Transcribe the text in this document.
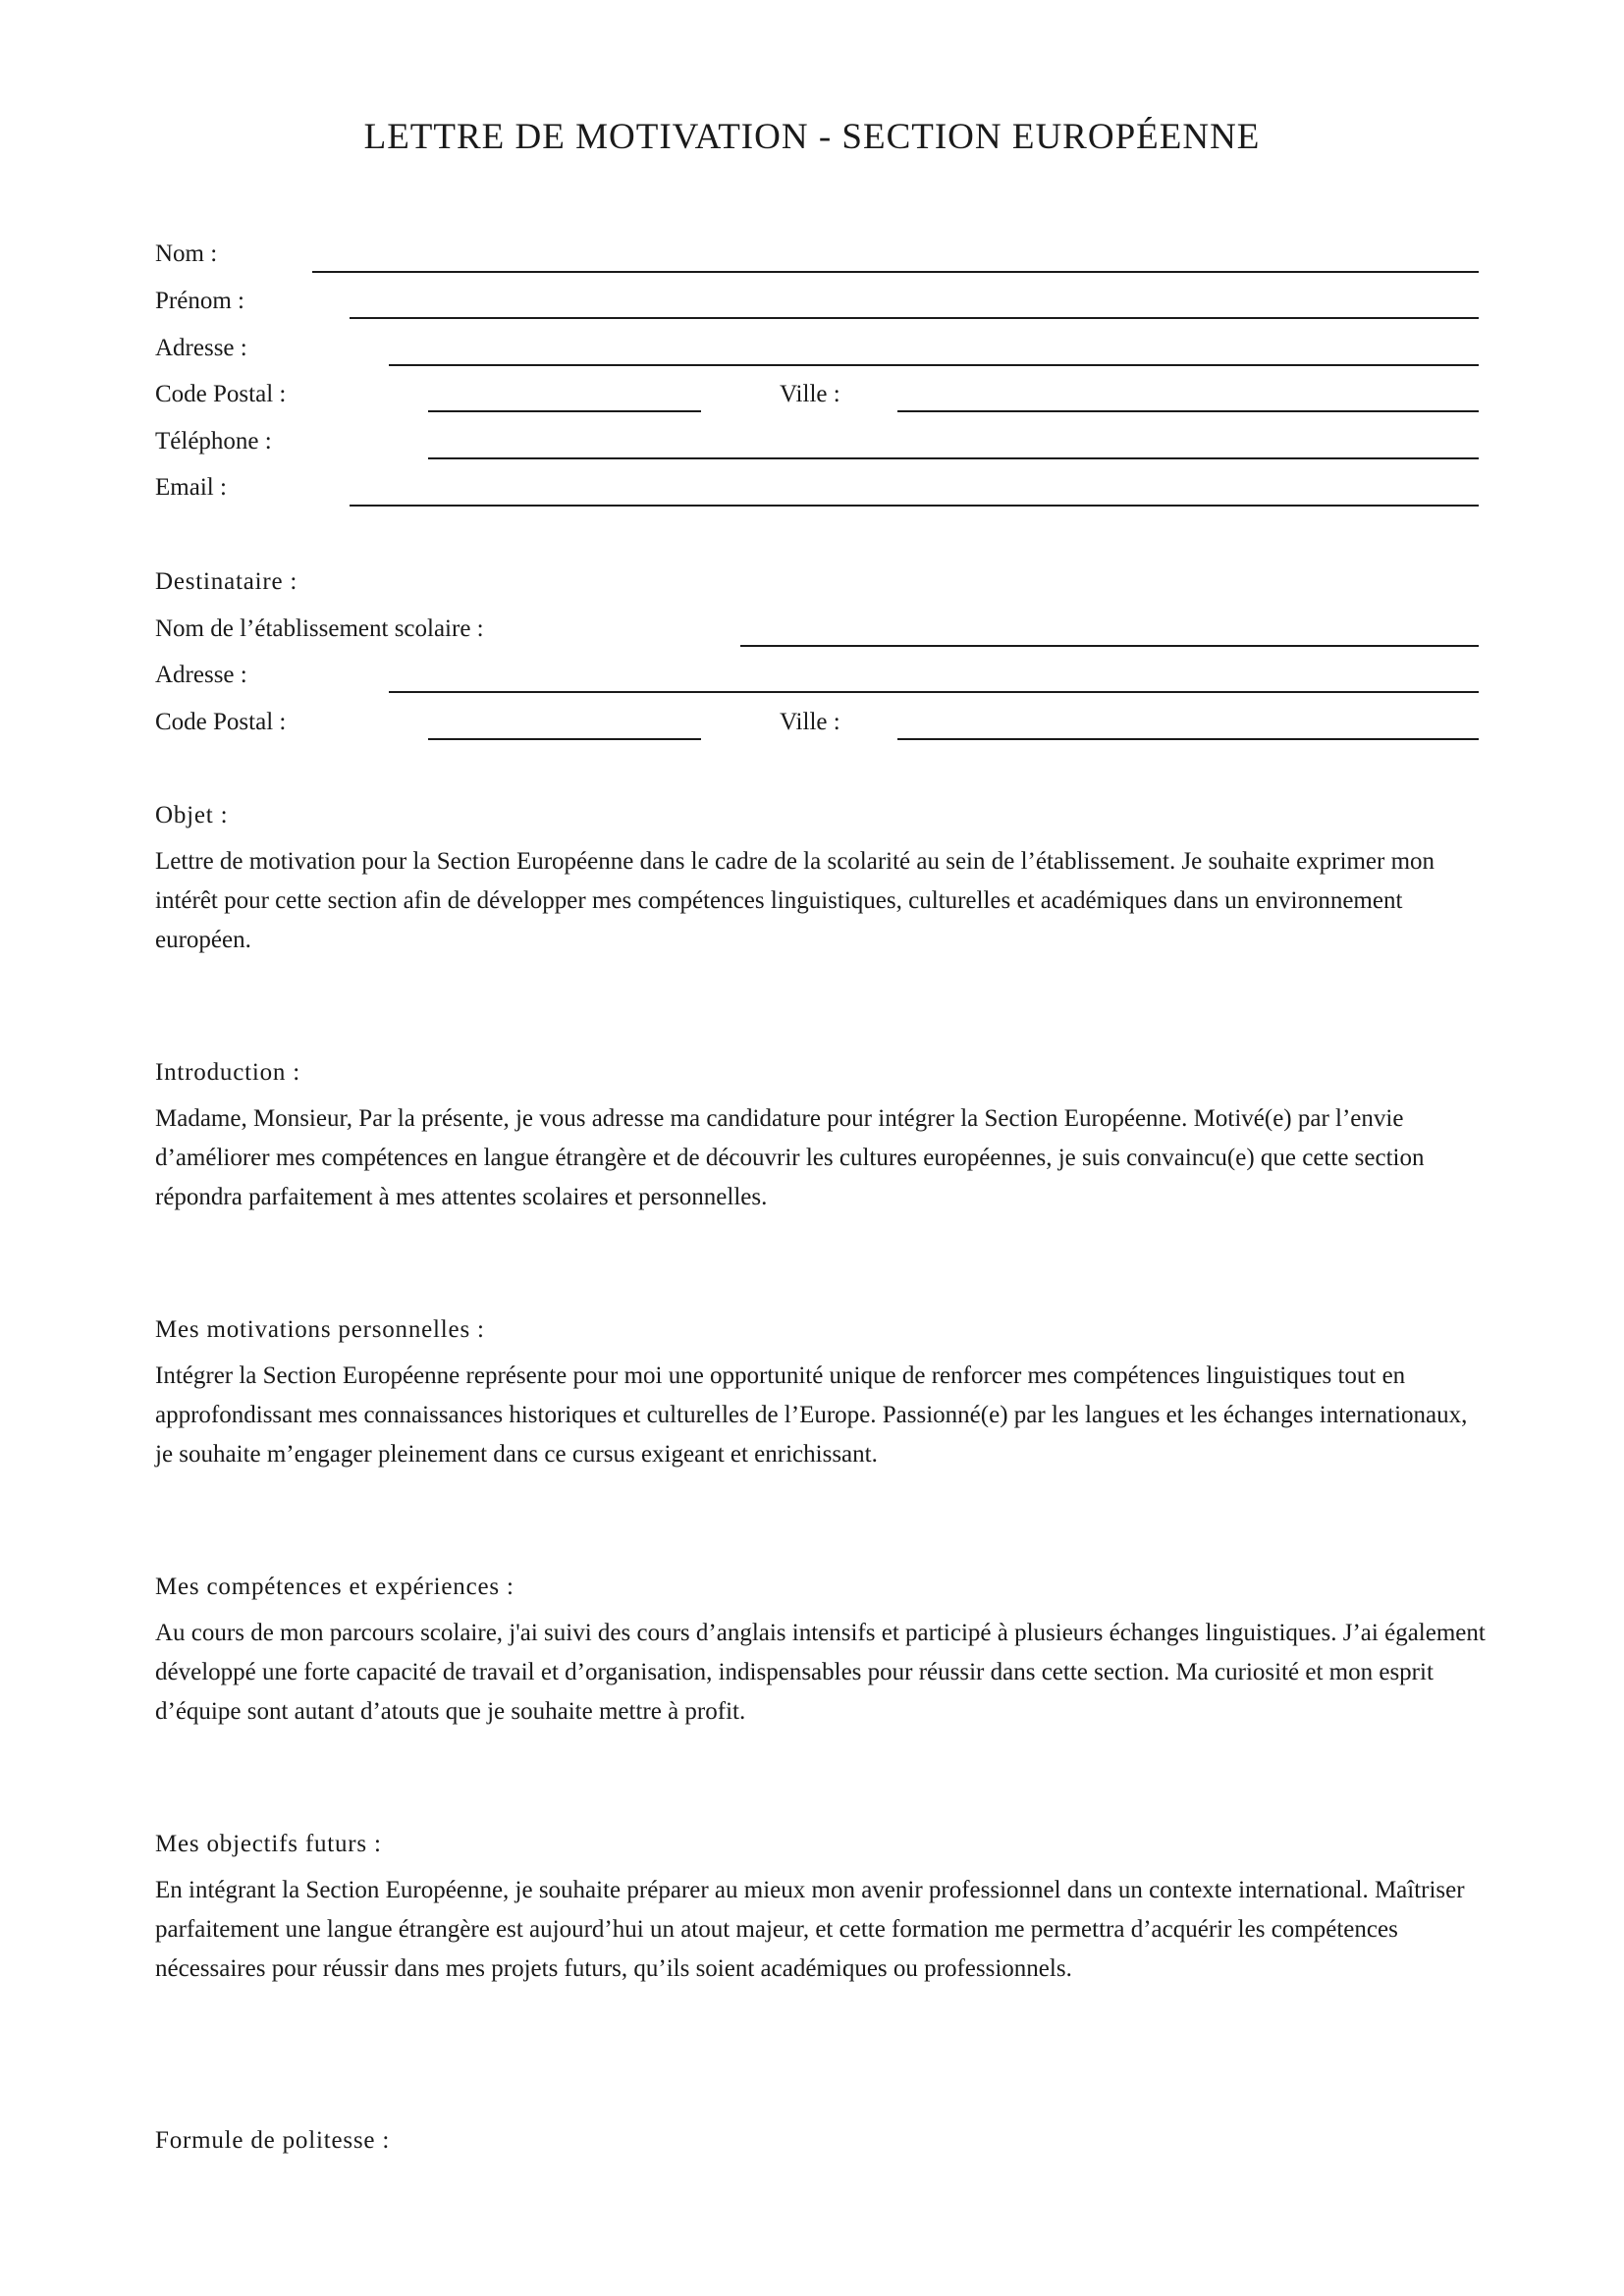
LETTRE DE MOTIVATION - SECTION EUROPÉENNE
Nom :
Prénom :
Adresse :
Code Postal :	Ville :
Téléphone :
Email :
Destinataire :
Nom de l’établissement scolaire :
Adresse :
Code Postal :	Ville :
Objet :

Lettre de motivation pour la Section Européenne dans le cadre de la scolarité au sein de l’établissement. Je souhaite exprimer mon intérêt pour cette section afin de développer mes compétences linguistiques, culturelles et académiques dans un environnement européen.

Introduction :

Madame, Monsieur, Par la présente, je vous adresse ma candidature pour intégrer la Section Européenne. Motivé(e) par l’envie d’améliorer mes compétences en langue étrangère et de découvrir les cultures européennes, je suis convaincu(e) que cette section répondra parfaitement à mes attentes scolaires et personnelles.

Mes motivations personnelles :

Intégrer la Section Européenne représente pour moi une opportunité unique de renforcer mes compétences linguistiques tout en approfondissant mes connaissances historiques et culturelles de l’Europe. Passionné(e) par les langues et les échanges internationaux, je souhaite m’engager pleinement dans ce cursus exigeant et enrichissant.

Mes compétences et expériences :

Au cours de mon parcours scolaire, j'ai suivi des cours d’anglais intensifs et participé à plusieurs échanges linguistiques. J’ai également développé une forte capacité de travail et d’organisation, indispensables pour réussir dans cette section. Ma curiosité et mon esprit d’équipe sont autant d’atouts que je souhaite mettre à profit.

Mes objectifs futurs :

En intégrant la Section Européenne, je souhaite préparer au mieux mon avenir professionnel dans un contexte international. Maîtriser parfaitement une langue étrangère est aujourd’hui un atout majeur, et cette formation me permettra d’acquérir les compétences nécessaires pour réussir dans mes projets futurs, qu’ils soient académiques ou professionnels.

Formule de politesse :
